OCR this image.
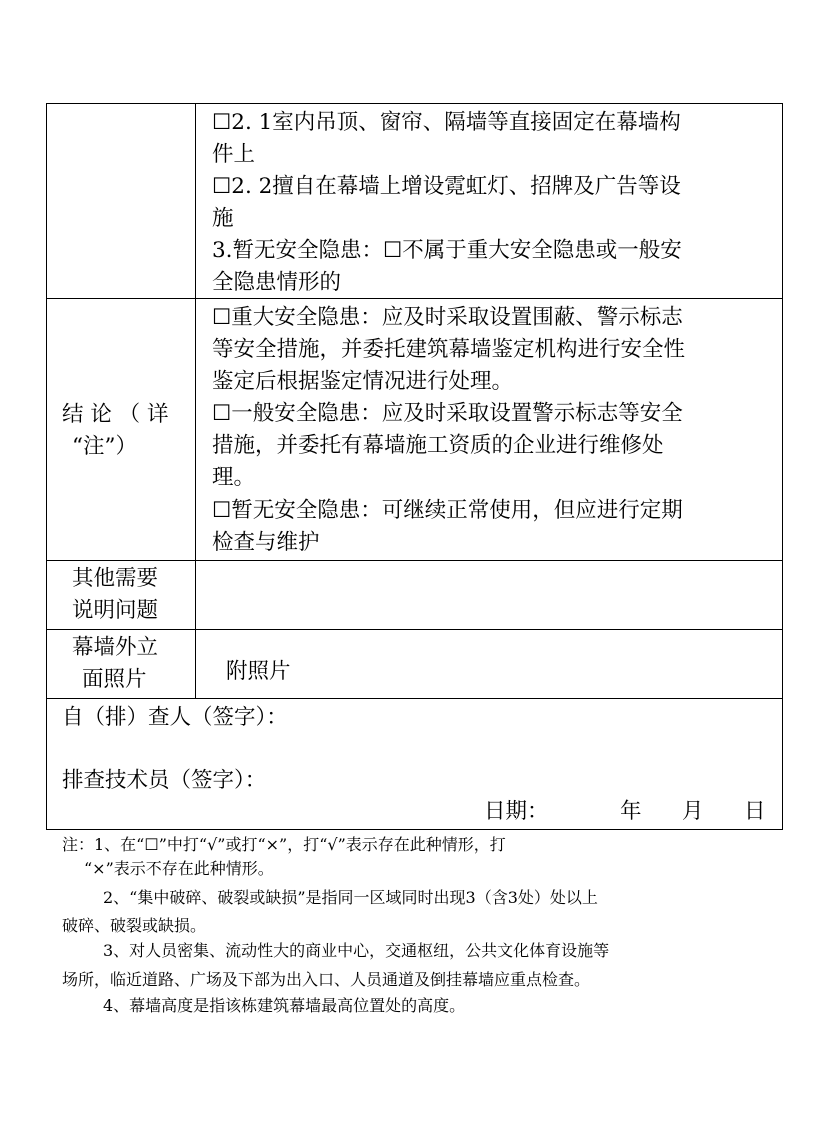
☐2. 1室内吊顶、窗帘、隔墙等直接固定在幕墙构
件上
☐2. 2擅自在幕墙上增设霓虹灯、招牌及广告等设
施
3.暂无安全隐患：☐不属于重大安全隐患或一般安
全隐患情形的
结 论 （ 详
“注”）
☐重大安全隐患：应及时采取设置围蔽、警示标志
等安全措施，并委托建筑幕墙鉴定机构进行安全性
鉴定后根据鉴定情况进行处理。
☐一般安全隐患：应及时采取设置警示标志等安全
措施，并委托有幕墙施工资质的企业进行维修处
理。
☐暂无安全隐患：可继续正常使用，但应进行定期
检查与维护
其他需要
说明问题
幕墙外立
面照片	附照片
自（排）查人（签字）：
排查技术员（签字）：
日期：	年 月 日
注：1、在“☐”中打“√”或打“×”，打“√”表示存在此种情形，打
“×”表示不存在此种情形。
2、“集中破碎、破裂或缺损”是指同一区域同时出现3（含3处）处以上
破碎、破裂或缺损。
3、对人员密集、流动性大的商业中心，交通枢纽，公共文化体育设施等
场所，临近道路、广场及下部为出入口、人员通道及倒挂幕墙应重点检查。
4、幕墙高度是指该栋建筑幕墙最高位置处的高度。
